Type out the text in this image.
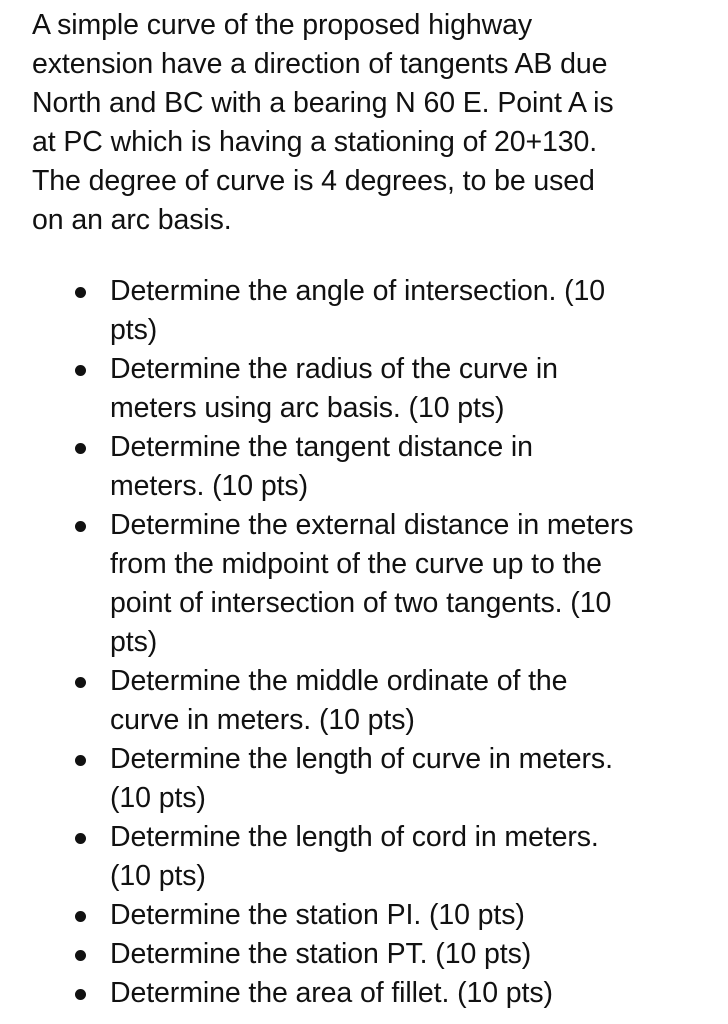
A simple curve of the proposed highway
extension have a direction of tangents AB due
North and BC with a bearing N 60 E. Point A is
at PC which is having a stationing of 20+130.
The degree of curve is 4 degrees, to be used
on an arc basis.

Determine the angle of intersection. (10
pts)
Determine the radius of the curve in
meters using arc basis. (10 pts)
Determine the tangent distance in
meters. (10 pts)
Determine the external distance in meters
from the midpoint of the curve up to the
point of intersection of two tangents. (10
pts)
Determine the middle ordinate of the
curve in meters. (10 pts)
Determine the length of curve in meters.
(10 pts)
Determine the length of cord in meters.
(10 pts)
Determine the station PI. (10 pts)
Determine the station PT. (10 pts)
Determine the area of fillet. (10 pts)
